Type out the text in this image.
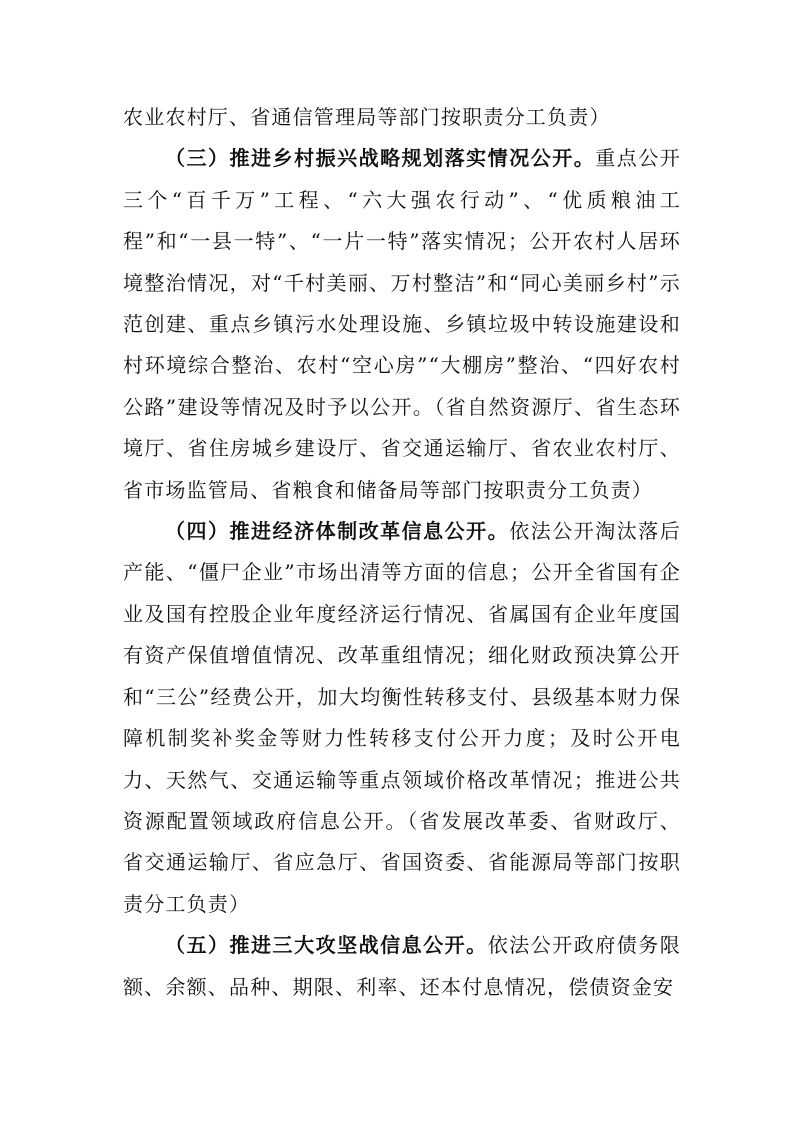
农业农村厅、省通信管理局等部门按职责分工负责）

（三）推进乡村振兴战略规划落实情况公开。重点公开三个“百千万”工程、“六大强农行动”、“优质粮油工程”和“一县一特”、“一片一特”落实情况；公开农村人居环境整治情况，对“千村美丽、万村整洁”和“同心美丽乡村”示范创建、重点乡镇污水处理设施、乡镇垃圾中转设施建设和村环境综合整治、农村“空心房”“大棚房”整治、“四好农村公路”建设等情况及时予以公开。（省自然资源厅、省生态环境厅、省住房城乡建设厅、省交通运输厅、省农业农村厅、省市场监管局、省粮食和储备局等部门按职责分工负责）

（四）推进经济体制改革信息公开。依法公开淘汰落后产能、“僵尸企业”市场出清等方面的信息；公开全省国有企业及国有控股企业年度经济运行情况、省属国有企业年度国有资产保值增值情况、改革重组情况；细化财政预决算公开和“三公”经费公开，加大均衡性转移支付、县级基本财力保障机制奖补奖金等财力性转移支付公开力度；及时公开电力、天然气、交通运输等重点领域价格改革情况；推进公共资源配置领域政府信息公开。（省发展改革委、省财政厅、省交通运输厅、省应急厅、省国资委、省能源局等部门按职责分工负责）

（五）推进三大攻坚战信息公开。依法公开政府债务限额、余额、品种、期限、利率、还本付息情况，偿债资金安
